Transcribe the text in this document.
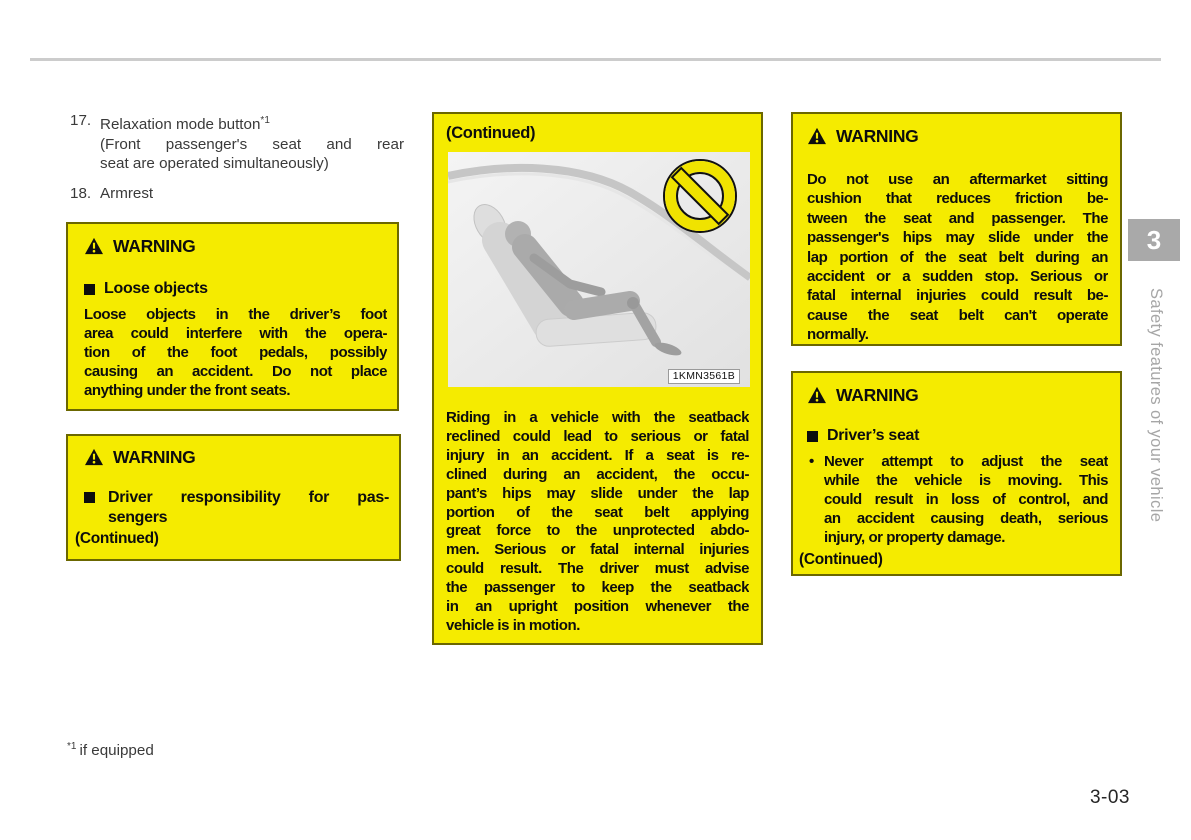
17. Relaxation mode button$^{*1}$
(Front passenger's seat and rear
seat are operated simultaneously)
18. Armrest
WARNING
Loose objects
Loose objects in the driver’s foot
area could interfere with the opera-
tion of the foot pedals, possibly
causing an accident. Do not place
anything under the front seats.
WARNING
Driver responsibility for pas-
sengers
(Continued)
(Continued)
1KMN3561B
Riding in a vehicle with the seatback
reclined could lead to serious or fatal
injury in an accident. If a seat is re-
clined during an accident, the occu-
pant’s hips may slide under the lap
portion of the seat belt applying
great force to the unprotected abdo-
men. Serious or fatal internal injuries
could result. The driver must advise
the passenger to keep the seatback
in an upright position whenever the
vehicle is in motion.
WARNING
Do not use an aftermarket sitting
cushion that reduces friction be-
tween the seat and passenger. The
passenger's hips may slide under the
lap portion of the seat belt during an
accident or a sudden stop. Serious or
fatal internal injuries could result be-
cause the seat belt can't operate
normally.
WARNING
Driver’s seat
• Never attempt to adjust the seat
while the vehicle is moving. This
could result in loss of control, and
an accident causing death, serious
injury, or property damage.
(Continued)
3
Safety features of your vehicle
$^{*1}$ if equipped
3-03
